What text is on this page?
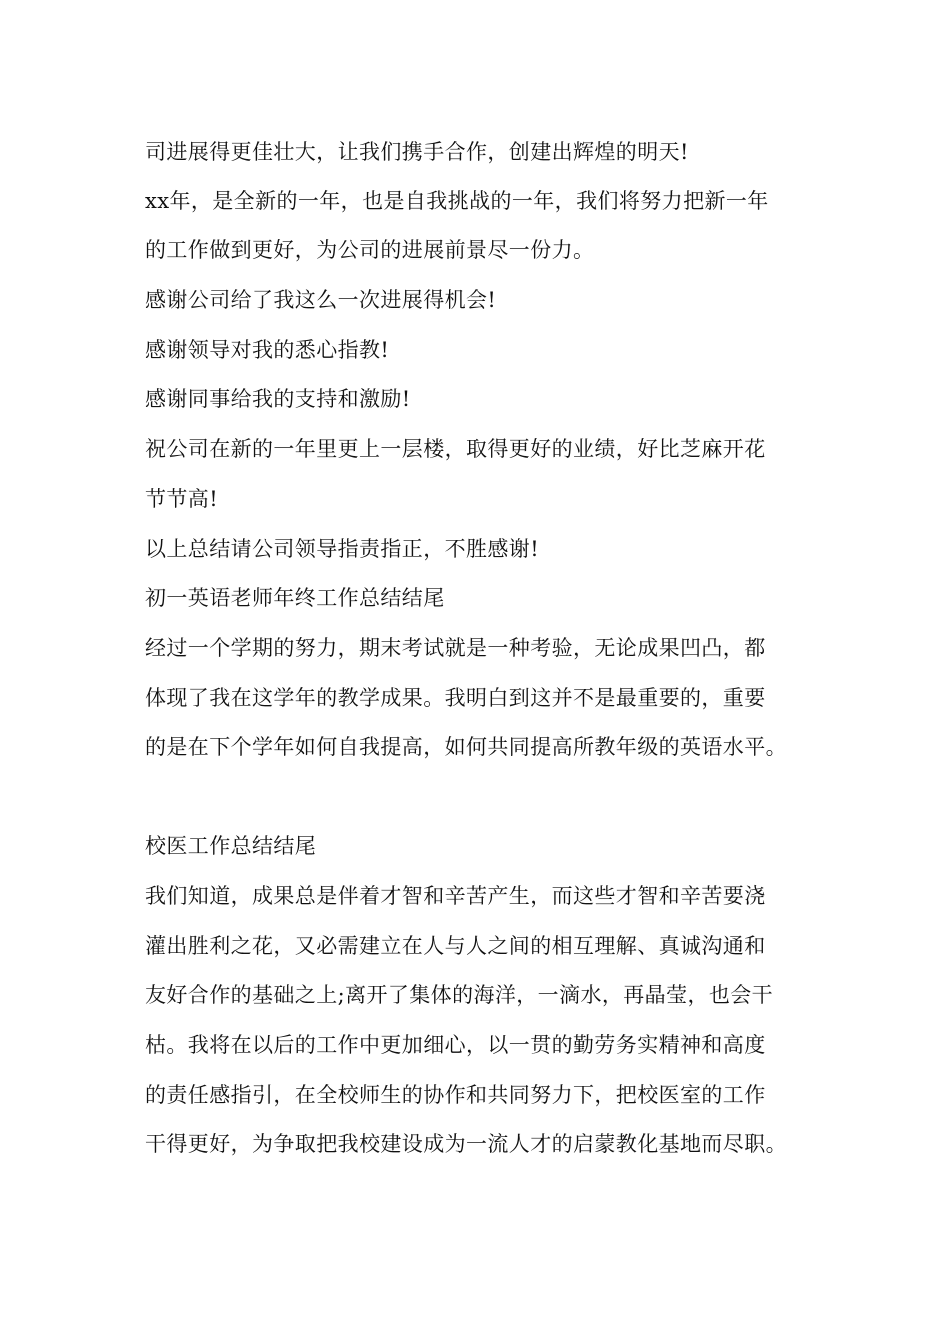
司进展得更佳壮大，让我们携手合作，创建出辉煌的明天!
xx年，是全新的一年，也是自我挑战的一年，我们将努力把新一年
的工作做到更好，为公司的进展前景尽一份力。
感谢公司给了我这么一次进展得机会!
感谢领导对我的悉心指教!
感谢同事给我的支持和激励!
祝公司在新的一年里更上一层楼，取得更好的业绩，好比芝麻开花
节节高!
以上总结请公司领导指责指正，不胜感谢!
初一英语老师年终工作总结结尾
经过一个学期的努力，期末考试就是一种考验，无论成果凹凸，都
体现了我在这学年的教学成果。我明白到这并不是最重要的，重要
的是在下个学年如何自我提高，如何共同提高所教年级的英语水平。
校医工作总结结尾
我们知道，成果总是伴着才智和辛苦产生，而这些才智和辛苦要浇
灌出胜利之花，又必需建立在人与人之间的相互理解、真诚沟通和
友好合作的基础之上;离开了集体的海洋，一滴水，再晶莹，也会干
枯。我将在以后的工作中更加细心，以一贯的勤劳务实精神和高度
的责任感指引，在全校师生的协作和共同努力下，把校医室的工作
干得更好，为争取把我校建设成为一流人才的启蒙教化基地而尽职。
